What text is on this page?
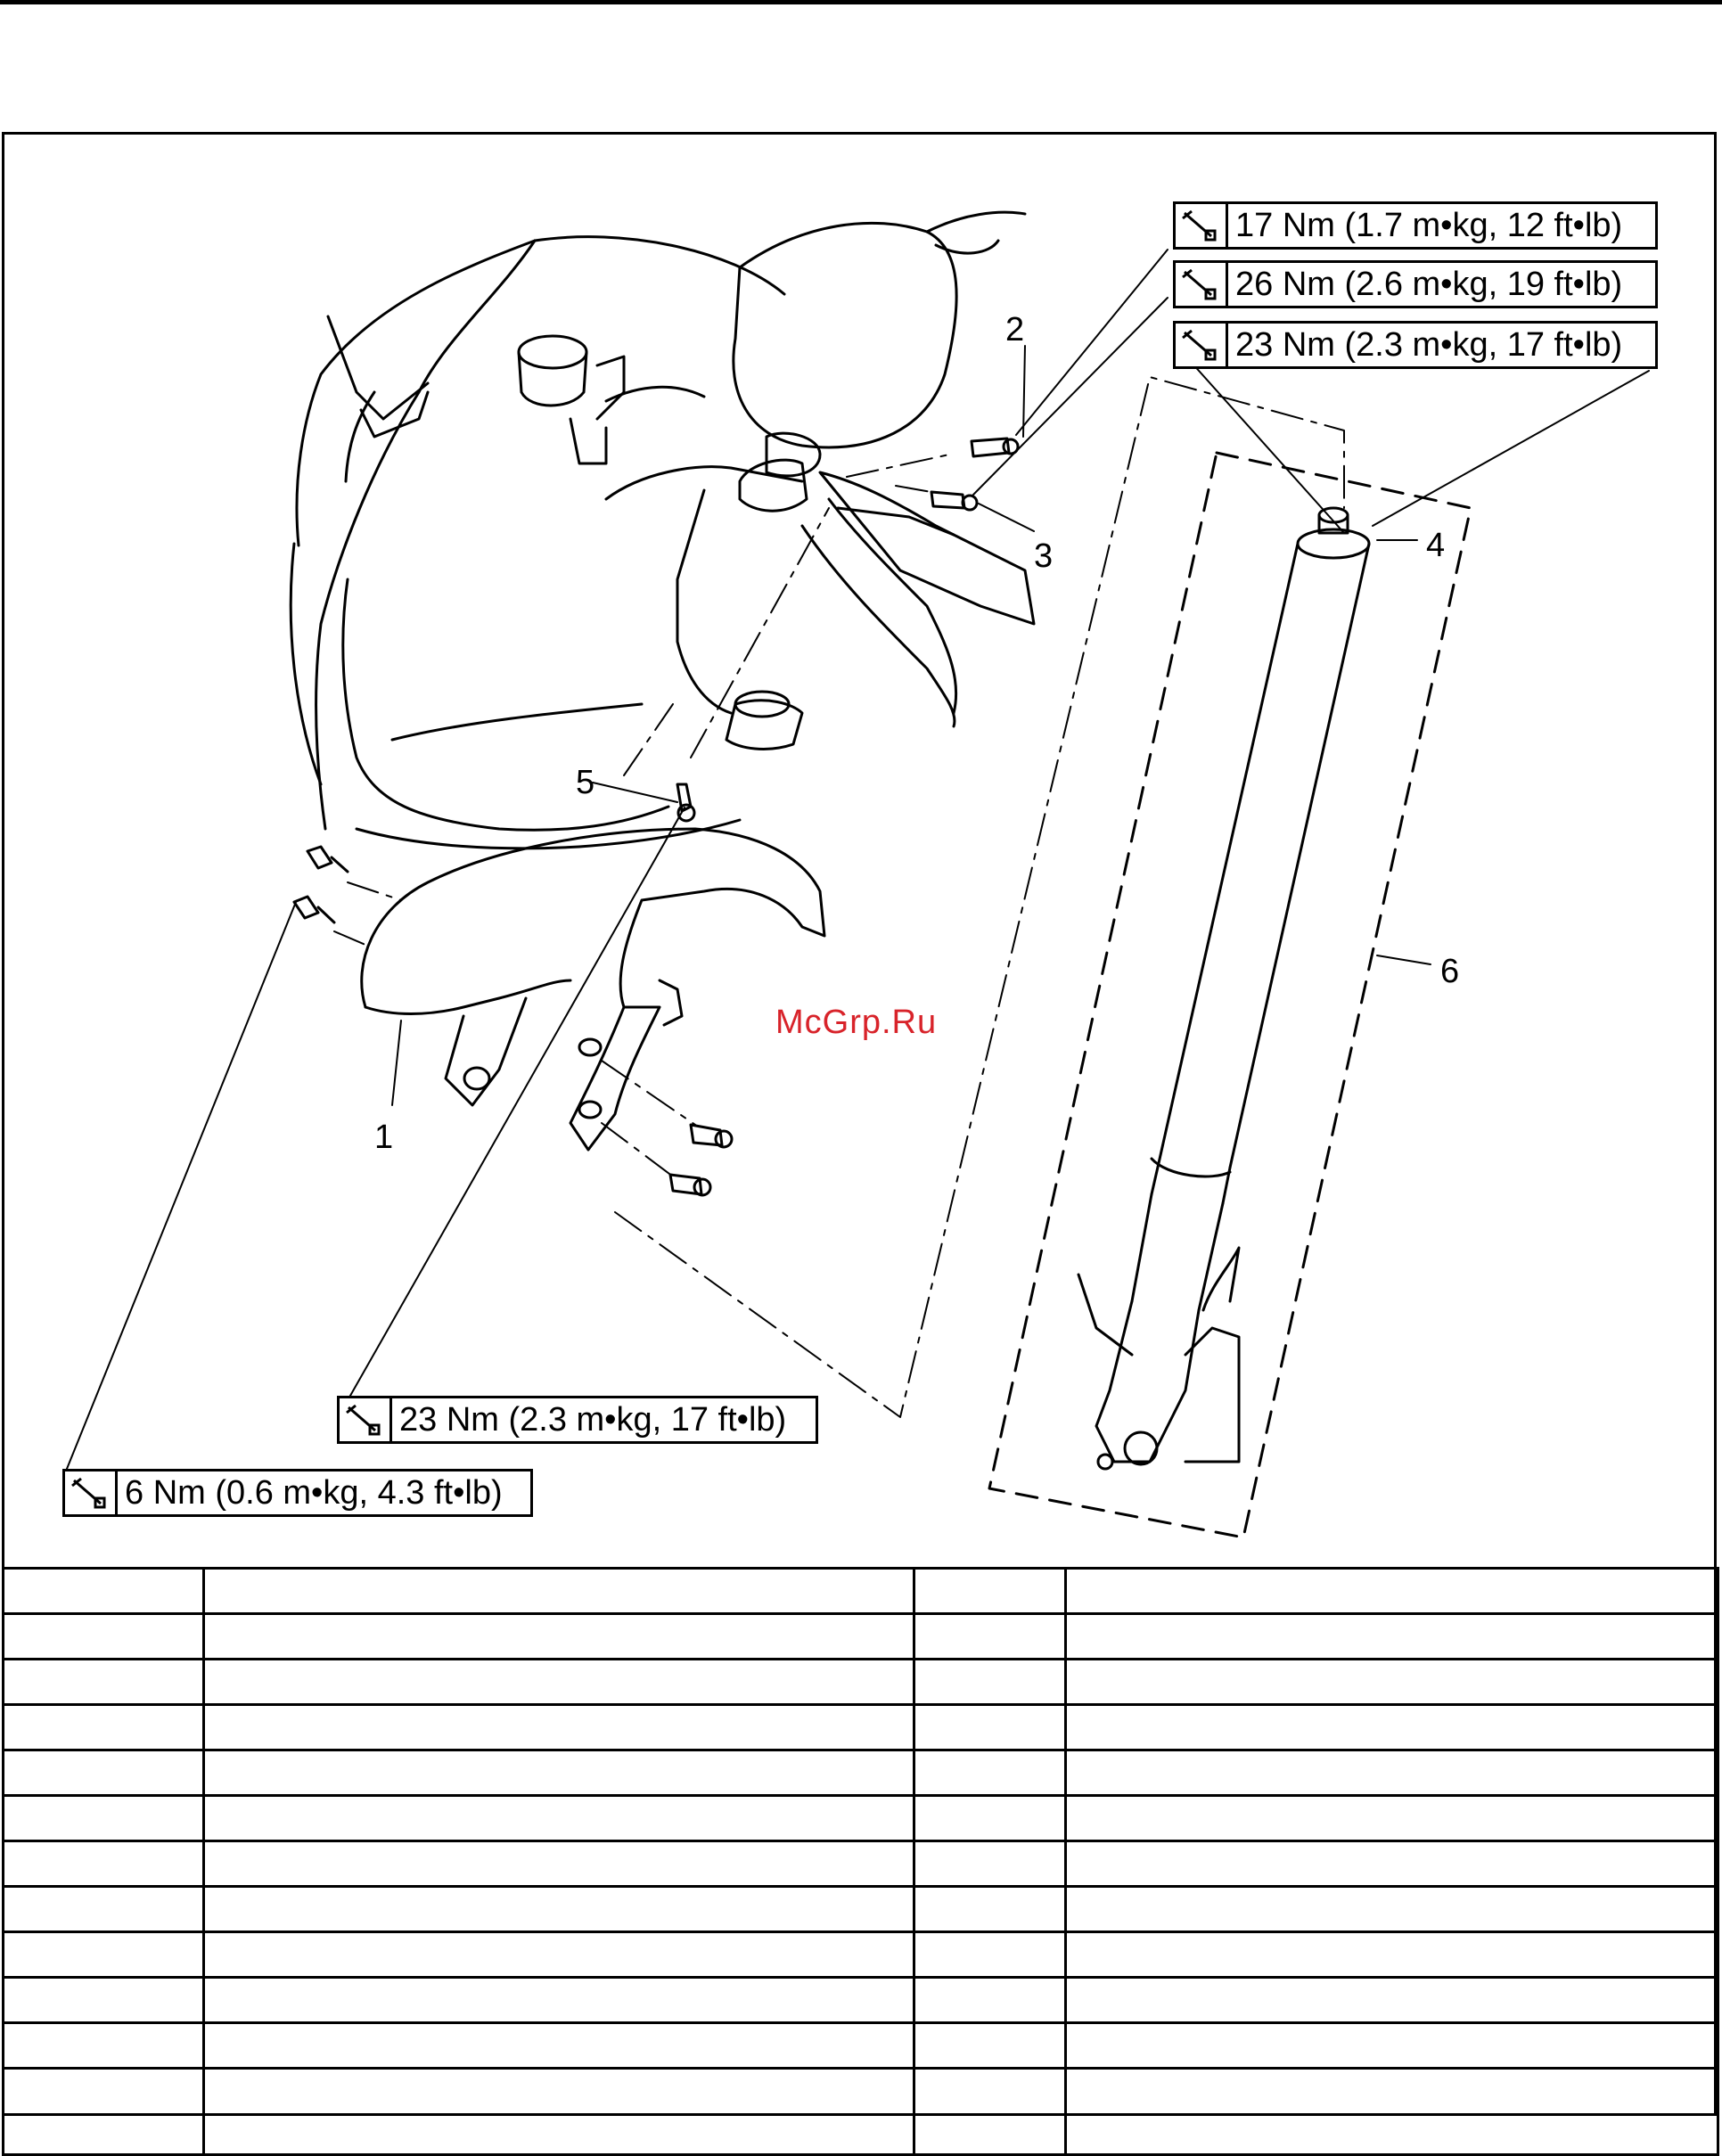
17 Nm (1.7 m•kg, 12 ft•lb)
26 Nm (2.6 m•kg, 19 ft•lb)
23 Nm (2.3 m•kg, 17 ft•lb)
23 Nm (2.3 m•kg, 17 ft•lb)
6 Nm (0.6 m•kg, 4.3 ft•lb)
2
3	4
5
6
1
McGrp.Ru
